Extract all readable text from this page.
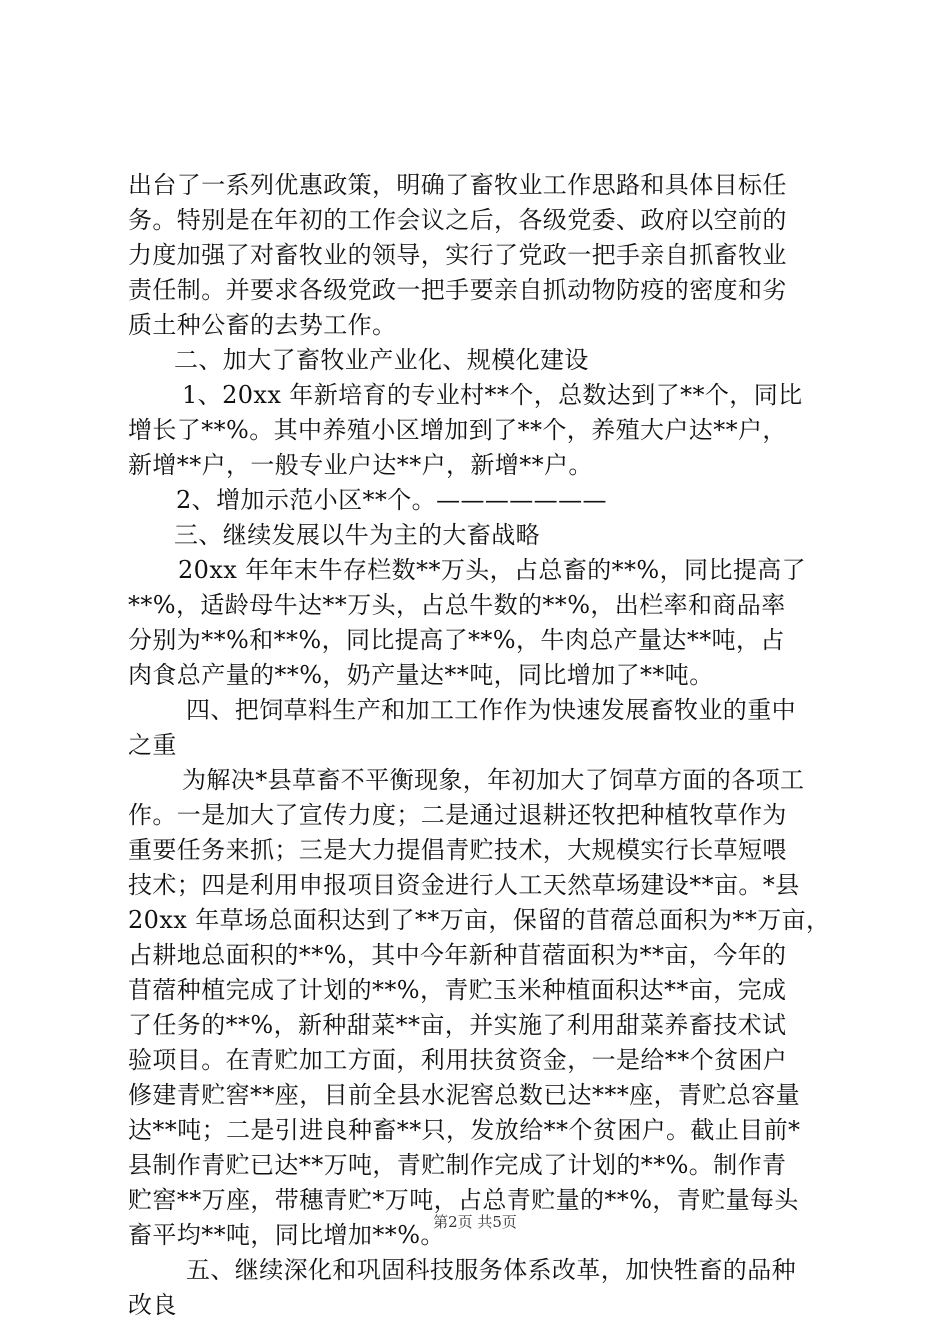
出台了一系列优惠政策，明确了畜牧业工作思路和具体目标任
务。特别是在年初的工作会议之后，各级党委、政府以空前的
力度加强了对畜牧业的领导，实行了党政一把手亲自抓畜牧业
责任制。并要求各级党政一把手要亲自抓动物防疫的密度和劣
质土种公畜的去势工作。
二、加大了畜牧业产业化、规模化建设
1、20xx 年新培育的专业村**个，总数达到了**个，同比
增长了**%。其中养殖小区增加到了**个，养殖大户达**户，
新增**户，一般专业户达**户，新增**户。
2、增加示范小区**个。———————
三、继续发展以牛为主的大畜战略
20xx 年年末牛存栏数**万头，占总畜的**%，同比提高了
**%，适龄母牛达**万头，占总牛数的**%，出栏率和商品率
分别为**%和**%，同比提高了**%，牛肉总产量达**吨，占
肉食总产量的**%，奶产量达**吨，同比增加了**吨。
四、把饲草料生产和加工工作作为快速发展畜牧业的重中
之重
为解决*县草畜不平衡现象，年初加大了饲草方面的各项工
作。一是加大了宣传力度；二是通过退耕还牧把种植牧草作为
重要任务来抓；三是大力提倡青贮技术，大规模实行长草短喂
技术；四是利用申报项目资金进行人工天然草场建设**亩。*县
20xx 年草场总面积达到了**万亩，保留的苜蓿总面积为**万亩，
占耕地总面积的**%，其中今年新种苜蓿面积为**亩，今年的
苜蓿种植完成了计划的**%，青贮玉米种植面积达**亩，完成
了任务的**%，新种甜菜**亩，并实施了利用甜菜养畜技术试
验项目。在青贮加工方面，利用扶贫资金，一是给**个贫困户
修建青贮窖**座，目前全县水泥窖总数已达***座，青贮总容量
达**吨；二是引进良种畜**只，发放给**个贫困户。截止目前*
县制作青贮已达**万吨，青贮制作完成了计划的**%。制作青
贮窖**万座，带穗青贮*万吨，占总青贮量的**%，青贮量每头
畜平均**吨，同比增加**%。
五、继续深化和巩固科技服务体系改革，加快牲畜的品种
改良
第2页 共5页
